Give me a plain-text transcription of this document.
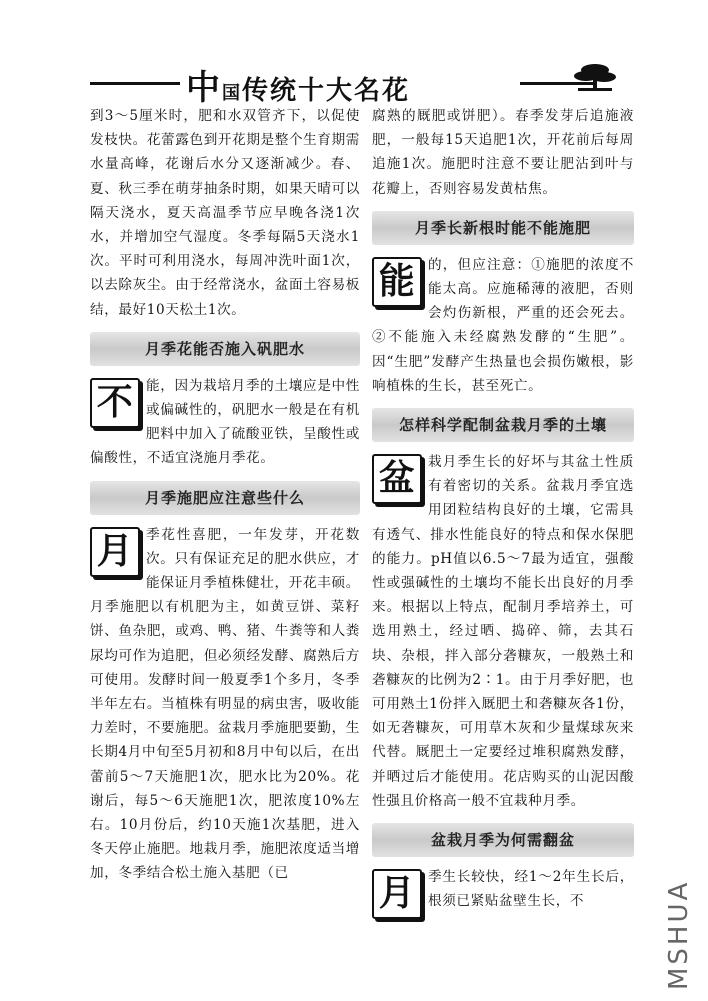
中国传统十大名花

到3～5厘米时，肥和水双管齐下，以促使发枝快。花蕾露色到开花期是整个生育期需水量高峰，花谢后水分又逐渐减少。春、夏、秋三季在萌芽抽条时期，如果天晴可以隔天浇水，夏天高温季节应早晚各浇1次水，并增加空气湿度。冬季每隔5天浇水1次。平时可利用浇水，每周冲洗叶面1次，以去除灰尘。由于经常浇水，盆面土容易板结，最好10天松土1次。

月季花能否施入矾肥水

不 能，因为栽培月季的土壤应是中性或偏碱性的，矾肥水一般是在有机肥料中加入了硫酸亚铁，呈酸性或偏酸性，不适宜浇施月季花。

月季施肥应注意些什么

月 季花性喜肥，一年发芽，开花数次。只有保证充足的肥水供应，才能保证月季植株健壮，开花丰硕。月季施肥以有机肥为主，如黄豆饼、菜籽饼、鱼杂肥，或鸡、鸭、猪、牛粪等和人粪尿均可作为追肥，但必须经发酵、腐熟后方可使用。发酵时间一般夏季1个多月，冬季半年左右。当植株有明显的病虫害，吸收能力差时，不要施肥。盆栽月季施肥要勤，生长期4月中旬至5月初和8月中旬以后，在出蕾前5～7天施肥1次，肥水比为20%。花谢后，每5～6天施肥1次，肥浓度10%左右。10月份后，约10天施1次基肥，进入冬天停止施肥。地栽月季，施肥浓度适当增加，冬季结合松土施入基肥（已

腐熟的厩肥或饼肥）。春季发芽后追施液肥，一般每15天追肥1次，开花前后每周追施1次。施肥时注意不要让肥沾到叶与花瓣上，否则容易发黄枯焦。

月季长新根时能不能施肥

能 的，但应注意：①施肥的浓度不能太高。应施稀薄的液肥，否则会灼伤新根，严重的还会死去。②不能施入未经腐熟发酵的“生肥”。因“生肥”发酵产生热量也会损伤嫩根，影响植株的生长，甚至死亡。

怎样科学配制盆栽月季的土壤

盆 栽月季生长的好坏与其盆土性质有着密切的关系。盆栽月季宜选用团粒结构良好的土壤，它需具有透气、排水性能良好的特点和保水保肥的能力。pH值以6.5～7最为适宜，强酸性或强碱性的土壤均不能长出良好的月季来。根据以上特点，配制月季培养土，可选用熟土，经过晒、捣碎、筛，去其石块、杂根，拌入部分砻糠灰，一般熟土和砻糠灰的比例为2∶1。由于月季好肥，也可用熟土1份拌入厩肥土和砻糠灰各1份，如无砻糠灰，可用草木灰和少量煤球灰来代替。厩肥土一定要经过堆积腐熟发酵，并晒过后才能使用。花店购买的山泥因酸性强且价格高一般不宜栽种月季。

盆栽月季为何需翻盆

月 季生长较快，经1～2年生长后，根须已紧贴盆壁生长，不	MSHUA
